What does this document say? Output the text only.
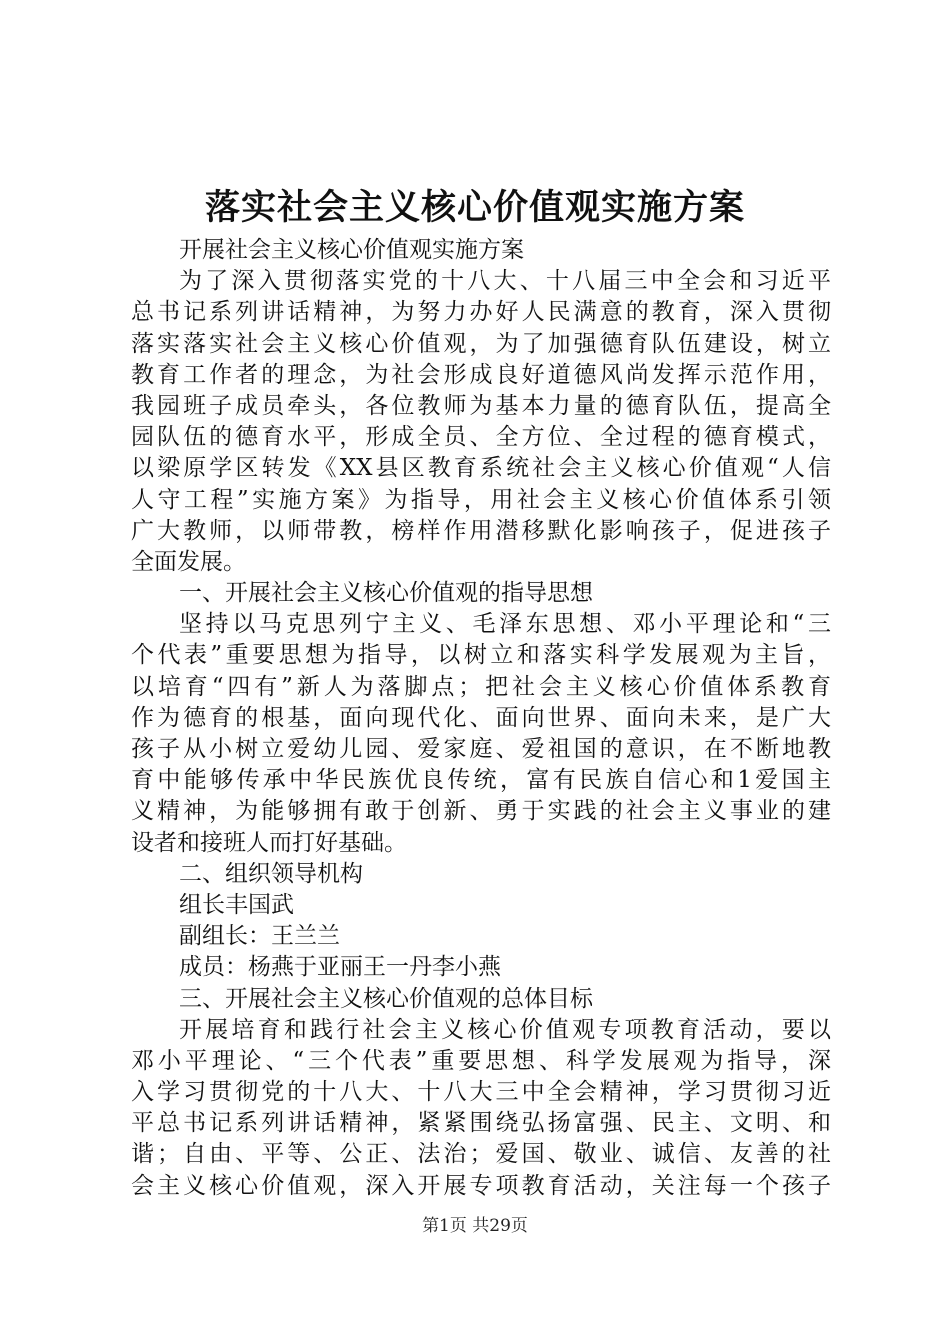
落实社会主义核心价值观实施方案
开展社会主义核心价值观实施方案
为了深入贯彻落实党的十八大、十八届三中全会和习近平
总书记系列讲话精神，为努力办好人民满意的教育，深入贯彻
落实落实社会主义核心价值观，为了加强德育队伍建设，树立
教育工作者的理念，为社会形成良好道德风尚发挥示范作用，
我园班子成员牵头，各位教师为基本力量的德育队伍，提高全
园队伍的德育水平，形成全员、全方位、全过程的德育模式，
以梁原学区转发《XX县区教育系统社会主义核心价值观“人信
人守工程”实施方案》为指导，用社会主义核心价值体系引领
广大教师，以师带教，榜样作用潜移默化影响孩子，促进孩子
全面发展。
一、开展社会主义核心价值观的指导思想
坚持以马克思列宁主义、毛泽东思想、邓小平理论和“三
个代表”重要思想为指导，以树立和落实科学发展观为主旨，
以培育“四有”新人为落脚点；把社会主义核心价值体系教育
作为德育的根基，面向现代化、面向世界、面向未来，是广大
孩子从小树立爱幼儿园、爱家庭、爱祖国的意识，在不断地教
育中能够传承中华民族优良传统，富有民族自信心和1爱国主
义精神，为能够拥有敢于创新、勇于实践的社会主义事业的建
设者和接班人而打好基础。
二、组织领导机构
组长丰国武
副组长：王兰兰
成员：杨燕于亚丽王一丹李小燕
三、开展社会主义核心价值观的总体目标
开展培育和践行社会主义核心价值观专项教育活动，要以
邓小平理论、“三个代表”重要思想、科学发展观为指导，深
入学习贯彻党的十八大、十八大三中全会精神，学习贯彻习近
平总书记系列讲话精神，紧紧围绕弘扬富强、民主、文明、和
谐；自由、平等、公正、法治；爱国、敬业、诚信、友善的社
会主义核心价值观，深入开展专项教育活动，关注每一个孩子
第1页 共29页
